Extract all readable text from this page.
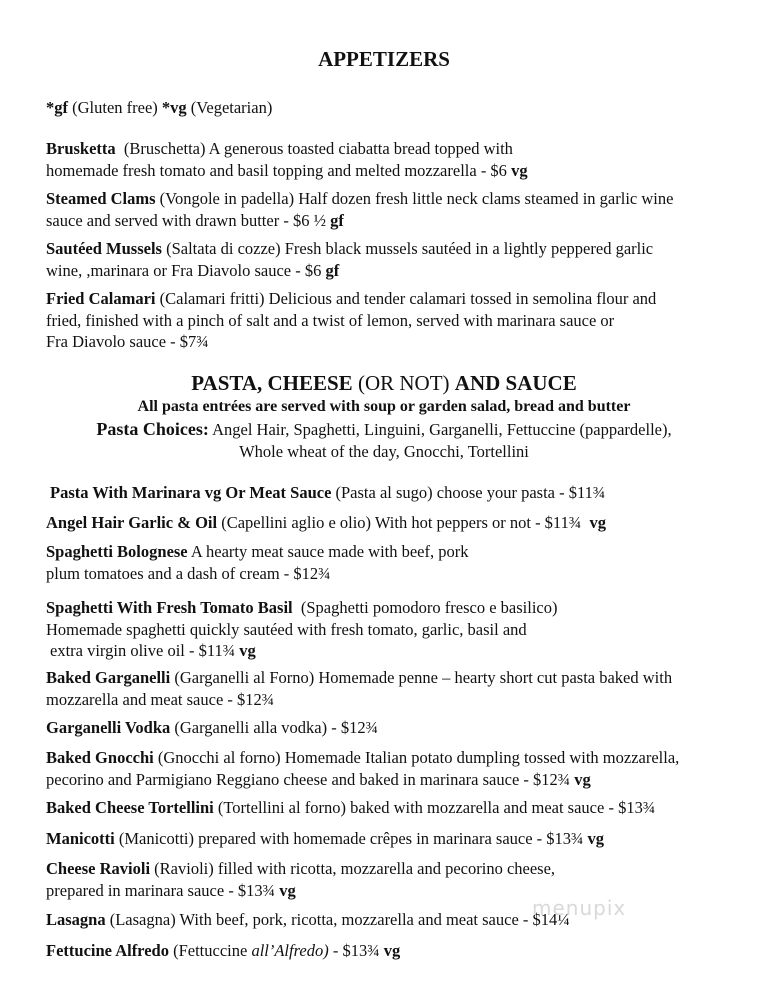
APPETIZERS
*gf (Gluten free) *vg (Vegetarian)
Brusketta (Bruschetta) A generous toasted ciabatta bread topped with
homemade fresh tomato and basil topping and melted mozzarella - $6 vg
Steamed Clams (Vongole in padella) Half dozen fresh little neck clams steamed in garlic wine
sauce and served with drawn butter - $6 ½ gf
Sautéed Mussels (Saltata di cozze) Fresh black mussels sautéed in a lightly peppered garlic
wine, ,marinara or Fra Diavolo sauce - $6 gf
Fried Calamari (Calamari fritti) Delicious and tender calamari tossed in semolina flour and
fried, finished with a pinch of salt and a twist of lemon, served with marinara sauce or
Fra Diavolo sauce - $7¾
PASTA, CHEESE (OR NOT) AND SAUCE
All pasta entrées are served with soup or garden salad, bread and butter
Pasta Choices: Angel Hair, Spaghetti, Linguini, Garganelli, Fettuccine (pappardelle),
Whole wheat of the day, Gnocchi, Tortellini
Pasta With Marinara vg Or Meat Sauce (Pasta al sugo) choose your pasta - $11¾
Angel Hair Garlic & Oil (Capellini aglio e olio) With hot peppers or not - $11¾ vg
Spaghetti Bolognese A hearty meat sauce made with beef, pork
plum tomatoes and a dash of cream - $12¾
Spaghetti With Fresh Tomato Basil (Spaghetti pomodoro fresco e basilico)
Homemade spaghetti quickly sautéed with fresh tomato, garlic, basil and
extra virgin olive oil - $11¾ vg
Baked Garganelli (Garganelli al Forno) Homemade penne – hearty short cut pasta baked with
mozzarella and meat sauce - $12¾
Garganelli Vodka (Garganelli alla vodka) - $12¾
Baked Gnocchi (Gnocchi al forno) Homemade Italian potato dumpling tossed with mozzarella,
pecorino and Parmigiano Reggiano cheese and baked in marinara sauce - $12¾ vg
Baked Cheese Tortellini (Tortellini al forno) baked with mozzarella and meat sauce - $13¾
Manicotti (Manicotti) prepared with homemade crêpes in marinara sauce - $13¾ vg
Cheese Ravioli (Ravioli) filled with ricotta, mozzarella and pecorino cheese,
prepared in marinara sauce - $13¾ vg
Lasagna (Lasagna) With beef, pork, ricotta, mozzarella and meat sauce - $14¼
Fettucine Alfredo (Fettuccine all’Alfredo) - $13¾ vg
menupix
